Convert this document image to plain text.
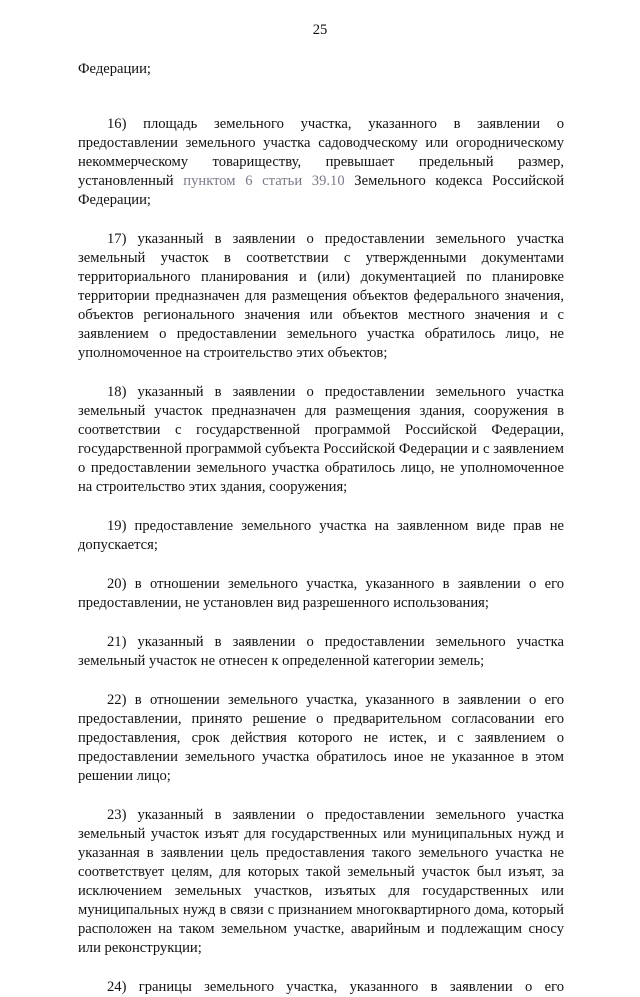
25

Федерации;

16) площадь земельного участка, указанного в заявлении о предоставлении земельного участка садоводческому или огородническому некоммерческому товариществу, превышает предельный размер, установленный пунктом 6 статьи 39.10 Земельного кодекса Российской Федерации;

17) указанный в заявлении о предоставлении земельного участка земельный участок в соответствии с утвержденными документами территориального планирования и (или) документацией по планировке территории предназначен для размещения объектов федерального значения, объектов регионального значения или объектов местного значения и с заявлением о предоставлении земельного участка обратилось лицо, не уполномоченное на строительство этих объектов;

18) указанный в заявлении о предоставлении земельного участка земельный участок предназначен для размещения здания, сооружения в соответствии с государственной программой Российской Федерации, государственной программой субъекта Российской Федерации и с заявлением о предоставлении земельного участка обратилось лицо, не уполномоченное на строительство этих здания, сооружения;

19) предоставление земельного участка на заявленном виде прав не допускается;

20) в отношении земельного участка, указанного в заявлении о его предоставлении, не установлен вид разрешенного использования;

21) указанный в заявлении о предоставлении земельного участка земельный участок не отнесен к определенной категории земель;

22) в отношении земельного участка, указанного в заявлении о его предоставлении, принято решение о предварительном согласовании его предоставления, срок действия которого не истек, и с заявлением о предоставлении земельного участка обратилось иное не указанное в этом решении лицо;

23) указанный в заявлении о предоставлении земельного участка земельный участок изъят для государственных или муниципальных нужд и указанная в заявлении цель предоставления такого земельного участка не соответствует целям, для которых такой земельный участок был изъят, за исключением земельных участков, изъятых для государственных или муниципальных нужд в связи с признанием многоквартирного дома, который расположен на таком земельном участке, аварийным и подлежащим сносу или реконструкции;

24) границы земельного участка, указанного в заявлении о его
